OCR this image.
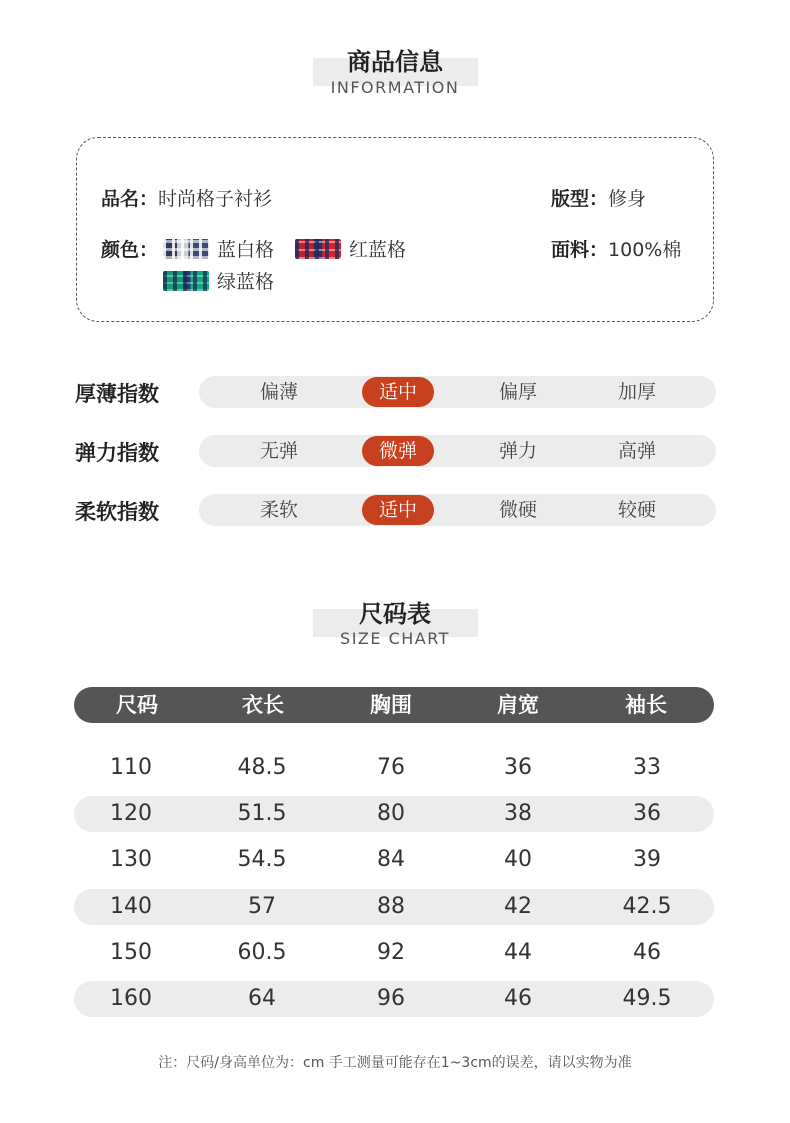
商品信息
INFORMATION
品名：时尚格子衬衫	版型：修身
颜色：	蓝白格	红蓝格
绿蓝格
面料：100%棉
厚薄指数	偏薄	适中	偏厚	加厚
弹力指数	无弹	微弹	弹力	高弹
柔软指数	柔软	适中	微硬	较硬
尺码表
SIZE CHART
尺码	衣长	胸围	肩宽	袖长
110	48.5	76	36	33
120	51.5	80	38	36
130	54.5	84	40	39
140	57	88	42	42.5
150	60.5	92	44	46
160	64	96	46	49.5
注：尺码/身高单位为：cm 手工测量可能存在1~3cm的误差，请以实物为准
